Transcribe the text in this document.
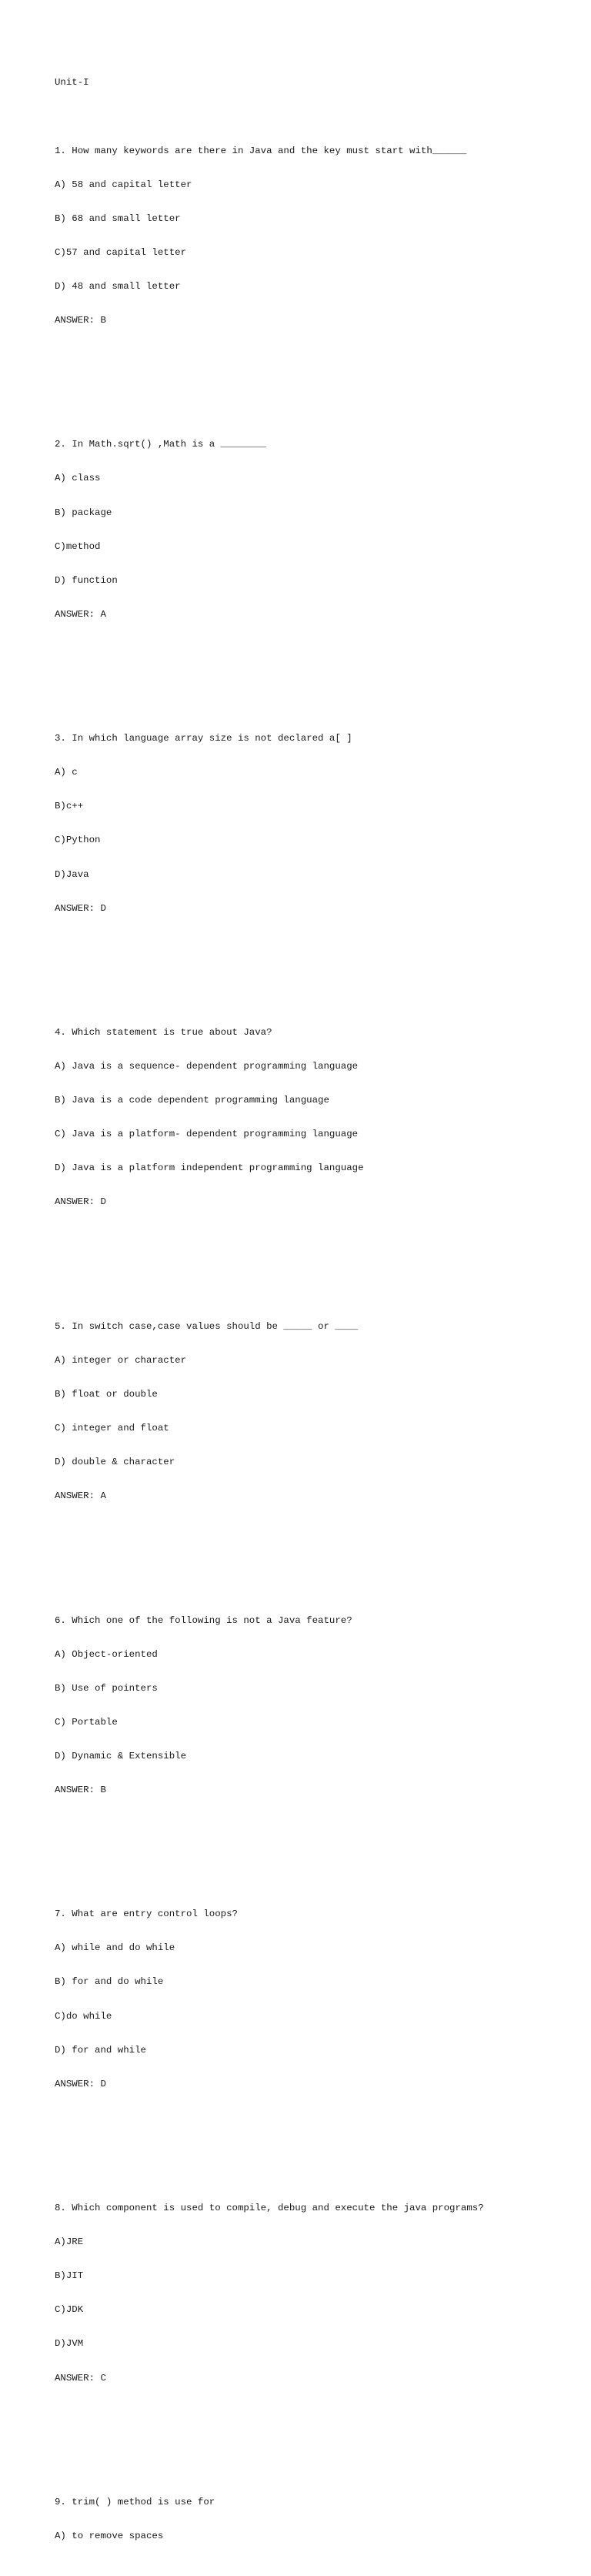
Unit-I

1. How many keywords are there in Java and the key must start with______

A) 58 and capital letter

B) 68 and small letter

C)57 and capital letter

D) 48 and small letter

ANSWER: B

2. In Math.sqrt() ,Math is a ________

A) class

B) package

C)method

D) function

ANSWER: A

3. In which language array size is not declared a[ ]

A) c

B)c++

C)Python

D)Java

ANSWER: D

4. Which statement is true about Java?

A) Java is a sequence- dependent programming language

B) Java is a code dependent programming language

C) Java is a platform- dependent programming language

D) Java is a platform independent programming language

ANSWER: D

5. In switch case,case values should be _____ or ____

A) integer or character

B) float or double

C) integer and float

D) double & character

ANSWER: A

6. Which one of the following is not a Java feature?

A) Object-oriented

B) Use of pointers

C) Portable

D) Dynamic & Extensible

ANSWER: B

7. What are entry control loops?

A) while and do while

B) for and do while

C)do while

D) for and while

ANSWER: D

8. Which component is used to compile, debug and execute the java programs?

A)JRE

B)JIT

C)JDK

D)JVM

ANSWER: C

9. trim( ) method is use for

A) to remove spaces
